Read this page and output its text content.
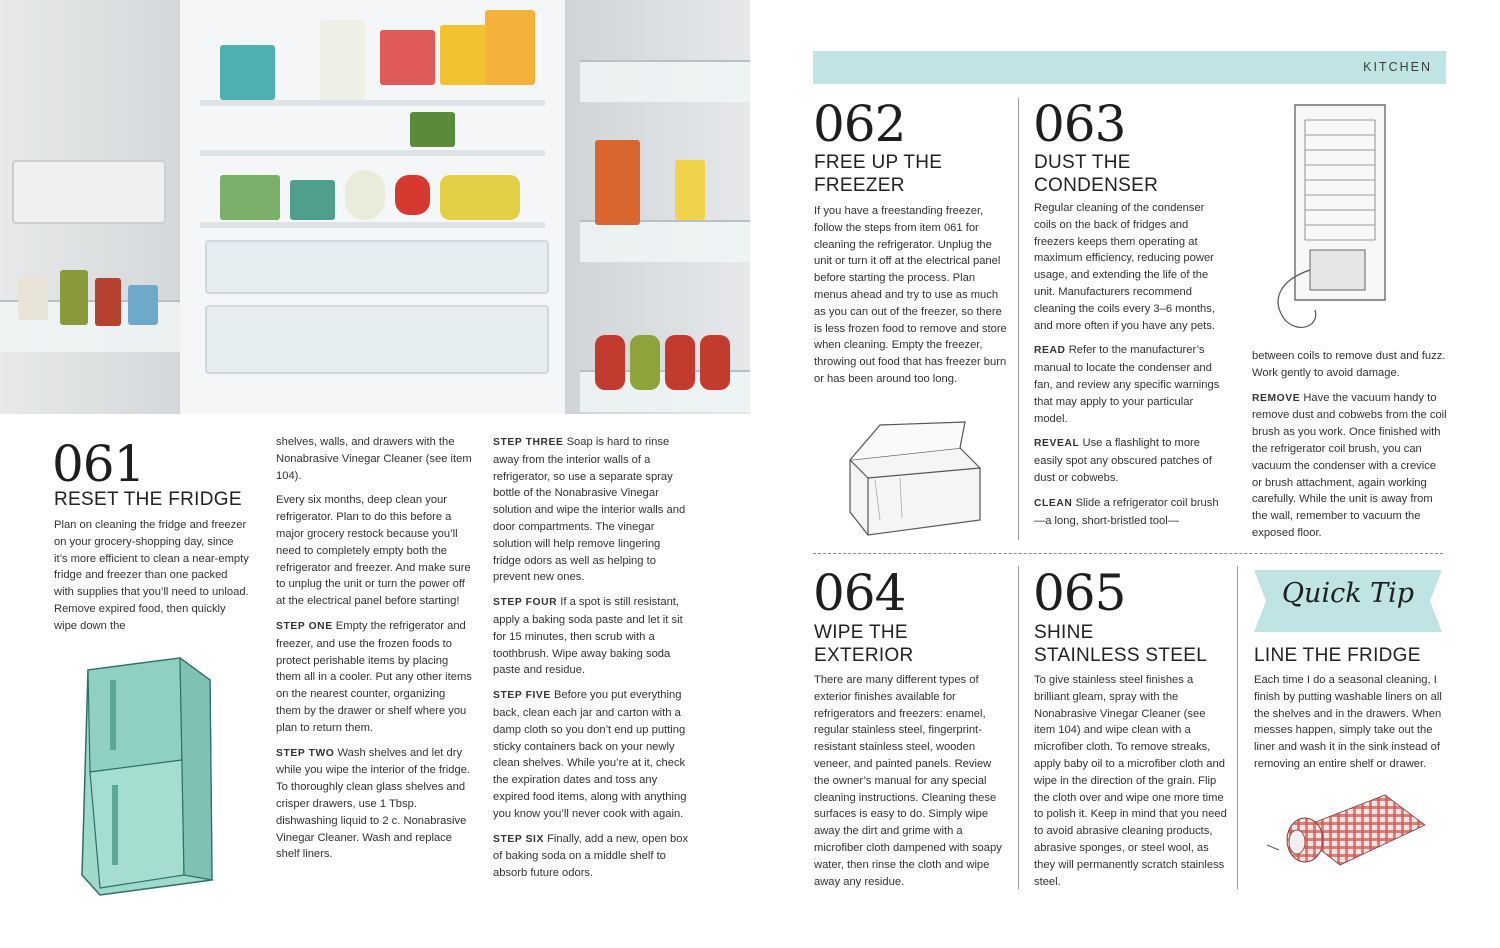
KITCHEN
061
RESET THE FRIDGE

Plan on cleaning the fridge and freezer on your grocery-shopping day, since it’s more efficient to clean a near-empty fridge and freezer than one packed with supplies that you’ll need to unload. Remove expired food, then quickly wipe down the

shelves, walls, and drawers with the Nonabrasive Vinegar Cleaner (see item 104).

Every six months, deep clean your refrigerator. Plan to do this before a major grocery restock because you’ll need to completely empty both the refrigerator and freezer. And make sure to unplug the unit or turn the power off at the electrical panel before starting!

STEP ONE Empty the refrigerator and freezer, and use the frozen foods to protect perishable items by placing them all in a cooler. Put any other items on the nearest counter, organizing them by the drawer or shelf where you plan to return them.

STEP TWO Wash shelves and let dry while you wipe the interior of the fridge. To thoroughly clean glass shelves and crisper drawers, use 1 Tbsp. dishwashing liquid to 2 c. Nonabrasive Vinegar Cleaner. Wash and replace shelf liners.

STEP THREE Soap is hard to rinse away from the interior walls of a refrigerator, so use a separate spray bottle of the Nonabrasive Vinegar solution and wipe the interior walls and door compartments. The vinegar solution will help remove lingering fridge odors as well as helping to prevent new ones.

STEP FOUR If a spot is still resistant, apply a baking soda paste and let it sit for 15 minutes, then scrub with a toothbrush. Wipe away baking soda paste and residue.

STEP FIVE Before you put everything back, clean each jar and carton with a damp cloth so you don’t end up putting sticky containers back on your newly clean shelves. While you’re at it, check the expiration dates and toss any expired food items, along with anything you know you’ll never cook with again.

STEP SIX Finally, add a new, open box of baking soda on a middle shelf to absorb future odors.

062
FREE UP THE
FREEZER

If you have a freestanding freezer, follow the steps from item 061 for cleaning the refrigerator. Unplug the unit or turn it off at the electrical panel before starting the process. Plan menus ahead and try to use as much as you can out of the freezer, so there is less frozen food to remove and store when cleaning. Empty the freezer, throwing out food that has freezer burn or has been around too long.

063
DUST THE
CONDENSER

Regular cleaning of the condenser coils on the back of fridges and freezers keeps them operating at maximum efficiency, reducing power usage, and extending the life of the unit. Manufacturers recommend cleaning the coils every 3–6 months, and more often if you have any pets.

READ Refer to the manufacturer’s manual to locate the condenser and fan, and review any specific warnings that may apply to your particular model.

REVEAL Use a flashlight to more easily spot any obscured patches of dust or cobwebs.

CLEAN Slide a refrigerator coil brush—a long, short-bristled tool—

between coils to remove dust and fuzz. Work gently to avoid damage.

REMOVE Have the vacuum handy to remove dust and cobwebs from the coil brush as you work. Once finished with the refrigerator coil brush, you can vacuum the condenser with a crevice or brush attachment, again working carefully. While the unit is away from the wall, remember to vacuum the exposed floor.

064
WIPE THE
EXTERIOR

There are many different types of exterior finishes available for refrigerators and freezers: enamel, regular stainless steel, fingerprint-resistant stainless steel, wooden veneer, and painted panels. Review the owner’s manual for any special cleaning instructions. Cleaning these surfaces is easy to do. Simply wipe away the dirt and grime with a microfiber cloth dampened with soapy water, then rinse the cloth and wipe away any residue.

065
SHINE
STAINLESS STEEL

To give stainless steel finishes a brilliant gleam, spray with the Nonabrasive Vinegar Cleaner (see item 104) and wipe clean with a microfiber cloth. To remove streaks, apply baby oil to a microfiber cloth and wipe in the direction of the grain. Flip the cloth over and wipe one more time to polish it. Keep in mind that you need to avoid abrasive cleaning products, abrasive sponges, or steel wool, as they will permanently scratch stainless steel.

Quick Tip
LINE THE FRIDGE

Each time I do a seasonal cleaning, I finish by putting washable liners on all the shelves and in the drawers. When messes happen, simply take out the liner and wash it in the sink instead of removing an entire shelf or drawer.
